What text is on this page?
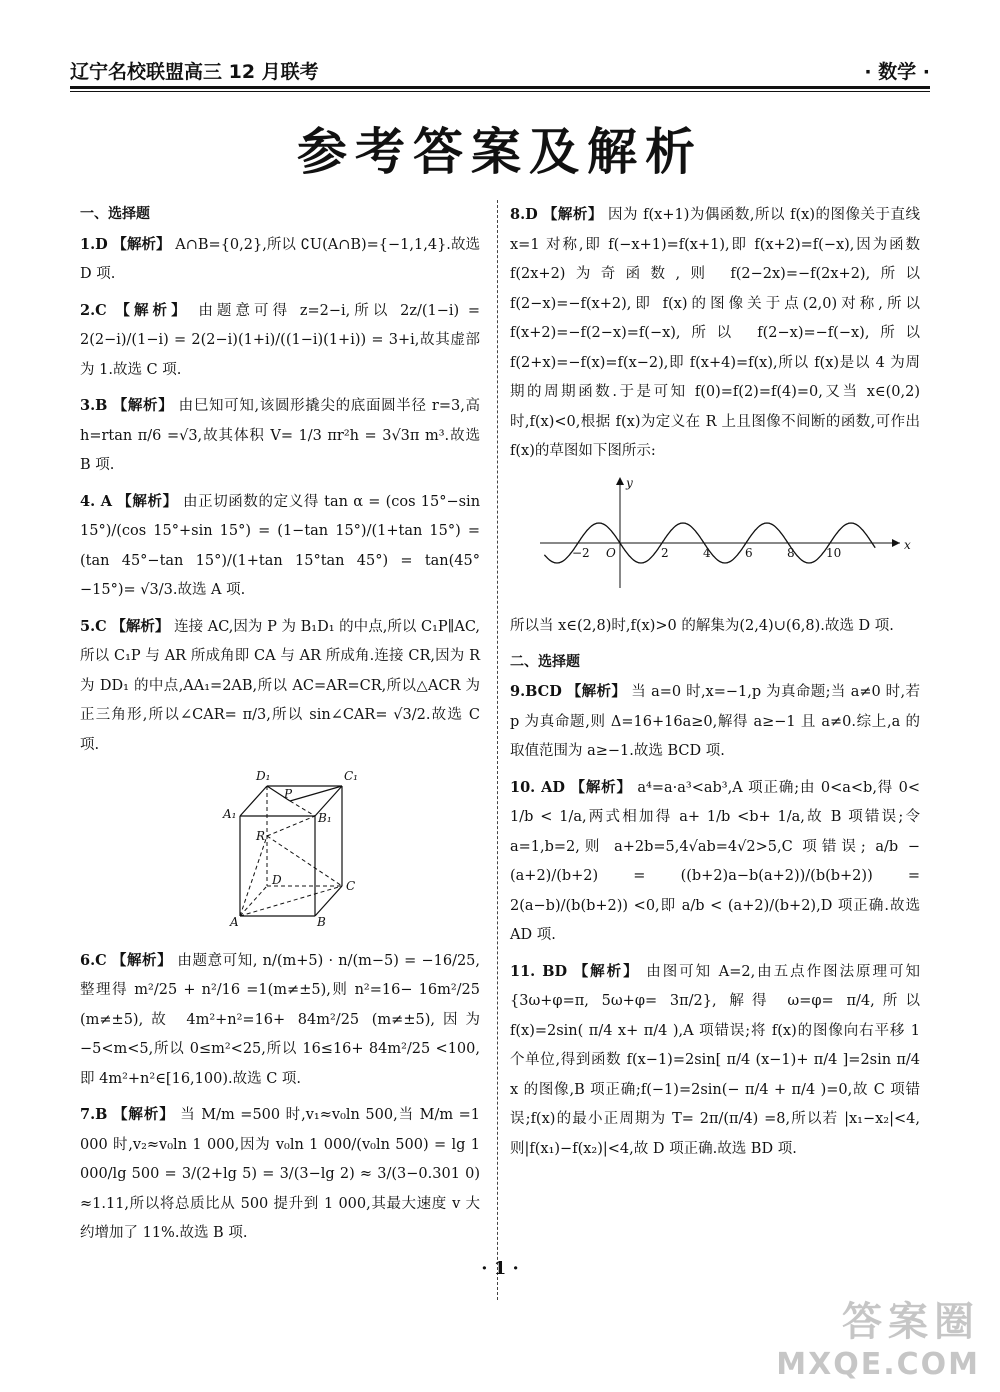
辽宁名校联盟高三 12 月联考	· 数学 ·
参考答案及解析
一、选择题
1.D 【解析】 A∩B={0,2},所以 ∁U(A∩B)={−1,1,4}.故选 D 项.
2.C 【解析】 由题意可得 z=2−i,所以 2z/(1−i) = 2(2−i)/(1−i) = 2(2−i)(1+i)/((1−i)(1+i)) = 3+i,故其虚部为 1.故选 C 项.
3.B 【解析】 由巳知可知,该圆形撬尖的底面圆半径 r=3,高 h=rtan π/6 =√3,故其体积 V= 1/3 πr²h = 3√3π m³.故选 B 项.
4. A 【解析】 由正切函数的定义得 tan α = (cos 15°−sin 15°)/(cos 15°+sin 15°) = (1−tan 15°)/(1+tan 15°) = (tan 45°−tan 15°)/(1+tan 15°tan 45°) = tan(45°−15°)= √3/3.故选 A 项.
5.C 【解析】 连接 AC,因为 P 为 B₁D₁ 的中点,所以 C₁P∥AC,所以 C₁P 与 AR 所成角即 CA 与 AR 所成角.连接 CR,因为 R 为 DD₁ 的中点,AA₁=2AB,所以 AC=AR=CR,所以△ACR 为正三角形,所以∠CAR= π/3,所以 sin∠CAR= √3/2.故选 C 项.
D₁	C₁
A₁	B₁
P
R
D	C
A	B
6.C 【解析】 由题意可知, n/(m+5) · n/(m−5) = −16/25,整理得 m²/25 + n²/16 =1(m≠±5),则 n²=16− 16m²/25 (m≠±5),故 4m²+n²=16+ 84m²/25 (m≠±5),因为 −5<m<5,所以 0≤m²<25,所以 16≤16+ 84m²/25 <100,即 4m²+n²∈[16,100).故选 C 项.
7.B 【解析】 当 M/m =500 时,v₁≈v₀ln 500,当 M/m =1 000 时,v₂≈v₀ln 1 000,因为 v₀ln 1 000/(v₀ln 500) = lg 1 000/lg 500 = 3/(2+lg 5) = 3/(3−lg 2) ≈ 3/(3−0.301 0) ≈1.11,所以将总质比从 500 提升到 1 000,其最大速度 v 大约增加了 11%.故选 B 项.
8.D 【解析】 因为 f(x+1)为偶函数,所以 f(x)的图像关于直线 x=1 对称,即 f(−x+1)=f(x+1),即 f(x+2)=f(−x),因为函数 f(2x+2)为奇函数,则 f(2−2x)=−f(2x+2),所以 f(2−x)=−f(x+2),即 f(x)的图像关于点(2,0)对称,所以 f(x+2)=−f(2−x)=f(−x),所以 f(2−x)=−f(−x),所以 f(2+x)=−f(x)=f(x−2),即 f(x+4)=f(x),所以 f(x)是以 4 为周期的周期函数.于是可知 f(0)=f(2)=f(4)=0,又当 x∈(0,2)时,f(x)<0,根据 f(x)为定义在 R 上且图像不间断的函数,可作出 f(x)的草图如下图所示:
x
y
O
−2	2	4	6	8	10
所以当 x∈(2,8)时,f(x)>0 的解集为(2,4)∪(6,8).故选 D 项.
二、选择题
9.BCD 【解析】 当 a=0 时,x=−1,p 为真命题;当 a≠0 时,若 p 为真命题,则 Δ=16+16a≥0,解得 a≥−1 且 a≠0.综上,a 的取值范围为 a≥−1.故选 BCD 项.
10. AD 【解析】 a⁴=a·a³<ab³,A 项正确;由 0<a<b,得 0< 1/b < 1/a,两式相加得 a+ 1/b <b+ 1/a,故 B 项错误;令 a=1,b=2,则 a+2b=5,4√ab=4√2>5,C 项错误; a/b − (a+2)/(b+2) = ((b+2)a−b(a+2))/(b(b+2)) = 2(a−b)/(b(b+2)) <0,即 a/b < (a+2)/(b+2),D 项正确.故选 AD 项.
11. BD 【解析】 由图可知 A=2,由五点作图法原理可知 {3ω+φ=π, 5ω+φ= 3π/2}, 解得 ω=φ= π/4,所以 f(x)=2sin( π/4 x+ π/4 ),A 项错误;将 f(x)的图像向右平移 1 个单位,得到函数 f(x−1)=2sin[ π/4 (x−1)+ π/4 ]=2sin π/4 x 的图像,B 项正确;f(−1)=2sin(− π/4 + π/4 )=0,故 C 项错误;f(x)的最小正周期为 T= 2π/(π/4) =8,所以若 |x₁−x₂|<4,则|f(x₁)−f(x₂)|<4,故 D 项正确.故选 BD 项.
· 1 ·
答案圈
MXQE.COM
